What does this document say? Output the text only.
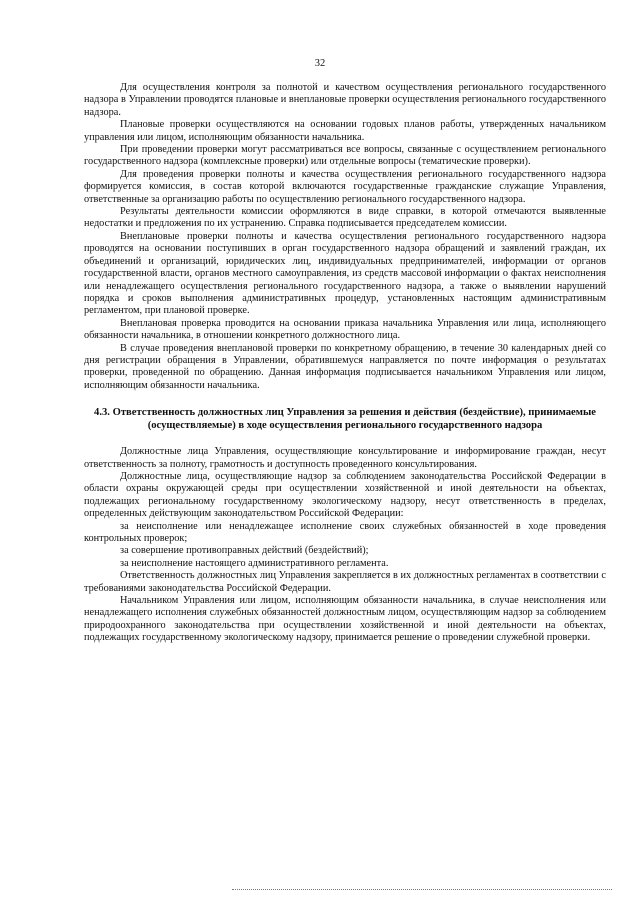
32

Для осуществления контроля за полнотой и качеством осуществления регионального государственного надзора в Управлении проводятся плановые и внеплановые проверки осуществления регионального государственного надзора.

Плановые проверки осуществляются на основании годовых планов работы, утвержденных начальником управления или лицом, исполняющим обязанности начальника.

При проведении проверки могут рассматриваться все вопросы, связанные с осуществлением регионального государственного надзора (комплексные проверки) или отдельные вопросы (тематические проверки).

Для проведения проверки полноты и качества осуществления регионального государственного надзора формируется комиссия, в состав которой включаются государственные гражданские служащие Управления, ответственные за организацию работы по осуществлению регионального государственного надзора.

Результаты деятельности комиссии оформляются в виде справки, в которой отмечаются выявленные недостатки и предложения по их устранению. Справка подписывается председателем комиссии.

Внеплановые проверки полноты и качества осуществления регионального государственного надзора проводятся на основании поступивших в орган государственного надзора обращений и заявлений граждан, их объединений и организаций, юридических лиц, индивидуальных предпринимателей, информации от органов государственной власти, органов местного самоуправления, из средств массовой информации о фактах неисполнения или ненадлежащего осуществления регионального государственного надзора, а также о выявлении нарушений порядка и сроков выполнения административных процедур, установленных настоящим административным регламентом, при плановой проверке.

Внеплановая проверка проводится на основании приказа начальника Управления или лица, исполняющего обязанности начальника, в отношении конкретного должностного лица.

В случае проведения внеплановой проверки по конкретному обращению, в течение 30 календарных дней со дня регистрации обращения в Управлении, обратившемуся направляется по почте информация о результатах проверки, проведенной по обращению. Данная информация подписывается начальником Управления или лицом, исполняющим обязанности начальника.

4.3. Ответственность должностных лиц Управления за решения и действия (бездействие), принимаемые (осуществляемые) в ходе осуществления регионального государственного надзора

Должностные лица Управления, осуществляющие консультирование и информирование граждан, несут ответственность за полноту, грамотность и доступность проведенного консультирования.

Должностные лица, осуществляющие надзор за соблюдением законодательства Российской Федерации в области охраны окружающей среды при осуществлении хозяйственной и иной деятельности на объектах, подлежащих региональному государственному экологическому надзору, несут ответственность в пределах, определенных действующим законодательством Российской Федерации:

за неисполнение или ненадлежащее исполнение своих служебных обязанностей в ходе проведения контрольных проверок;

за совершение противоправных действий (бездействий);

за неисполнение настоящего административного регламента.

Ответственность должностных лиц Управления закрепляется в их должностных регламентах в соответствии с требованиями законодательства Российской Федерации.

Начальником Управления или лицом, исполняющим обязанности начальника, в случае неисполнения или ненадлежащего исполнения служебных обязанностей должностным лицом, осуществляющим надзор за соблюдением природоохранного законодательства при осуществлении хозяйственной и иной деятельности на объектах, подлежащих государственному экологическому надзору, принимается решение о проведении служебной проверки.
